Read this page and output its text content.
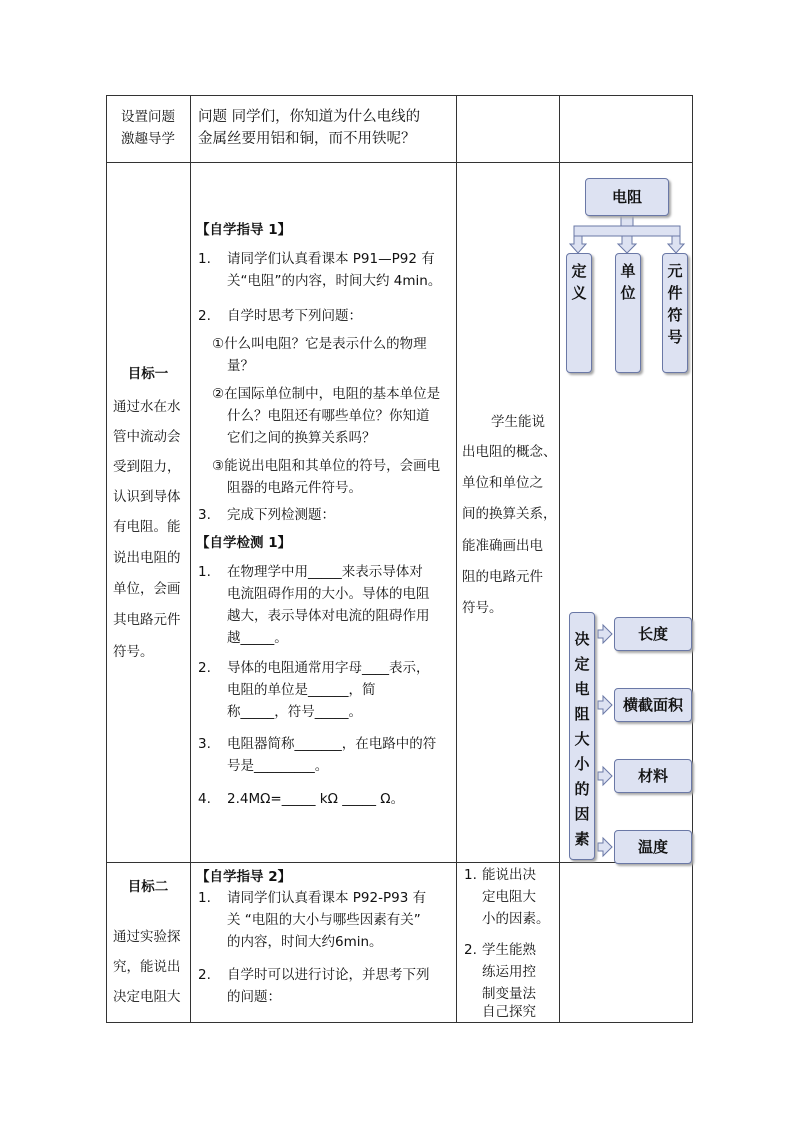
设置问题
激趣导学
问题 同学们，你知道为什么电线的
金属丝要用铝和铜，而不用铁呢？
目标一
通过水在水
管中流动会
受到阻力，
认识到导体
有电阻。能
说出电阻的
单位，会画
其电路元件
符号。
【自学指导 1】
1. 请同学们认真看课本 P91—P92 有
关“电阻”的内容，时间大约 4min。
2. 自学时思考下列问题：
①什么叫电阻？它是表示什么的物理
量？
②在国际单位制中，电阻的基本单位是
什么？电阻还有哪些单位？你知道
它们之间的换算关系吗？
③能说出电阻和其单位的符号，会画电
阻器的电路元件符号。
3. 完成下列检测题：
【自学检测 1】
1. 在物理学中用_____来表示导体对
电流阻碍作用的大小。导体的电阻
越大，表示导体对电流的阻碍作用
越_____。
2. 导体的电阻通常用字母____表示，
电阻的单位是______，简
称_____，符号_____。
3. 电阻器简称_______，在电路中的符
号是_________。
4. 2.4MΩ=_____ kΩ _____ Ω。
学生能说
出电阻的概念、
单位和单位之
间的换算关系，
能准确画出电
阻的电路元件
符号。
电阻
定
义
单
位
元
件
符
号
决
定
电
阻
大
小
的
因
素
长度
横截面积
材料
温度
目标二
通过实验探
究，能说出
决定电阻大
【自学指导 2】
1. 请同学们认真看课本 P92-P93 有
关 “电阻的大小与哪些因素有关”
的内容，时间大约6min。
2. 自学时可以进行讨论，并思考下列
的问题：
1. 能说出决
定电阻大
小的因素。
2. 学生能熟
练运用控
制变量法
自己探究
